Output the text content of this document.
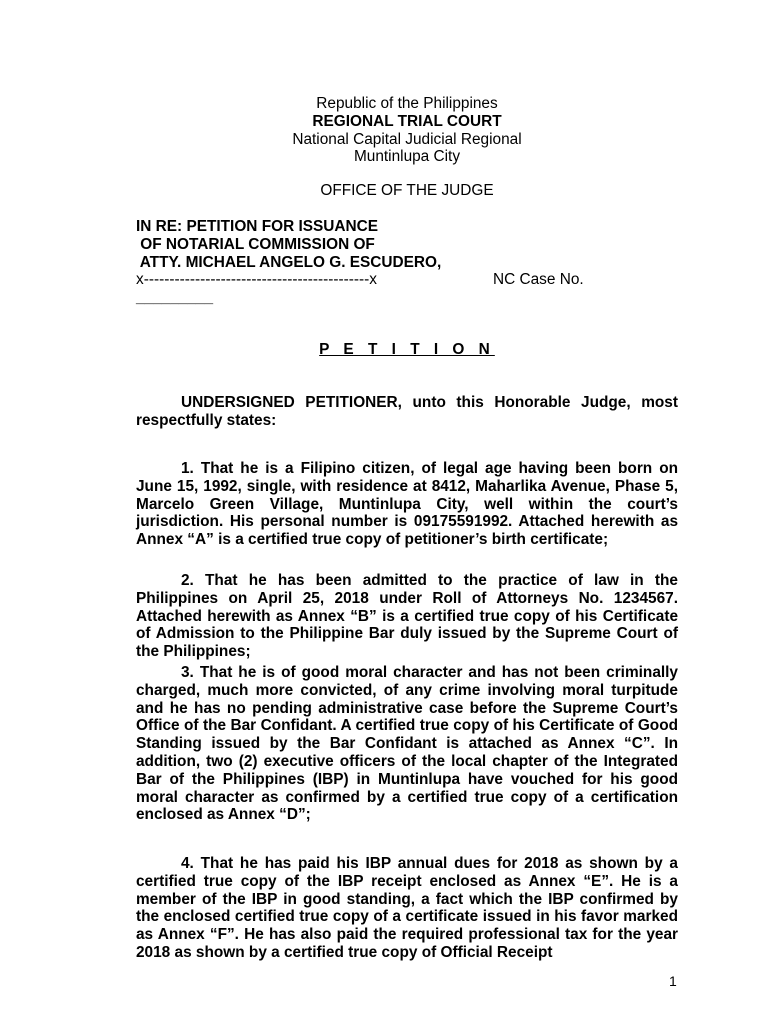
Republic of the Philippines
REGIONAL TRIAL COURT
National Capital Judicial Regional
Muntinlupa City
OFFICE OF THE JUDGE
IN RE: PETITION FOR ISSUANCE
OF NOTARIAL COMMISSION OF
ATTY. MICHAEL ANGELO G. ESCUDERO,
x--------------------------------------------x	NC Case No.
_________
P E T I T I O N

UNDERSIGNED PETITIONER, unto this Honorable Judge, most respectfully states:

1. That he is a Filipino citizen, of legal age having been born on June 15, 1992, single, with residence at 8412, Maharlika Avenue, Phase 5, Marcelo Green Village, Muntinlupa City, well within the court’s jurisdiction. His personal number is 09175591992. Attached herewith as Annex “A” is a certified true copy of petitioner’s birth certificate;

2. That he has been admitted to the practice of law in the Philippines on April 25, 2018 under Roll of Attorneys No. 1234567. Attached herewith as Annex “B” is a certified true copy of his Certificate of Admission to the Philippine Bar duly issued by the Supreme Court of the Philippines;

3. That he is of good moral character and has not been criminally charged, much more convicted, of any crime involving moral turpitude and he has no pending administrative case before the Supreme Court’s Office of the Bar Confidant. A certified true copy of his Certificate of Good Standing issued by the Bar Confidant is attached as Annex “C”. In addition, two (2) executive officers of the local chapter of the Integrated Bar of the Philippines (IBP) in Muntinlupa have vouched for his good moral character as confirmed by a certified true copy of a certification enclosed as Annex “D”;

4. That he has paid his IBP annual dues for 2018 as shown by a certified true copy of the IBP receipt enclosed as Annex “E”. He is a member of the IBP in good standing, a fact which the IBP confirmed by the enclosed certified true copy of a certificate issued in his favor marked as Annex “F”. He has also paid the required professional tax for the year 2018 as shown by a certified true copy of Official Receipt

1
